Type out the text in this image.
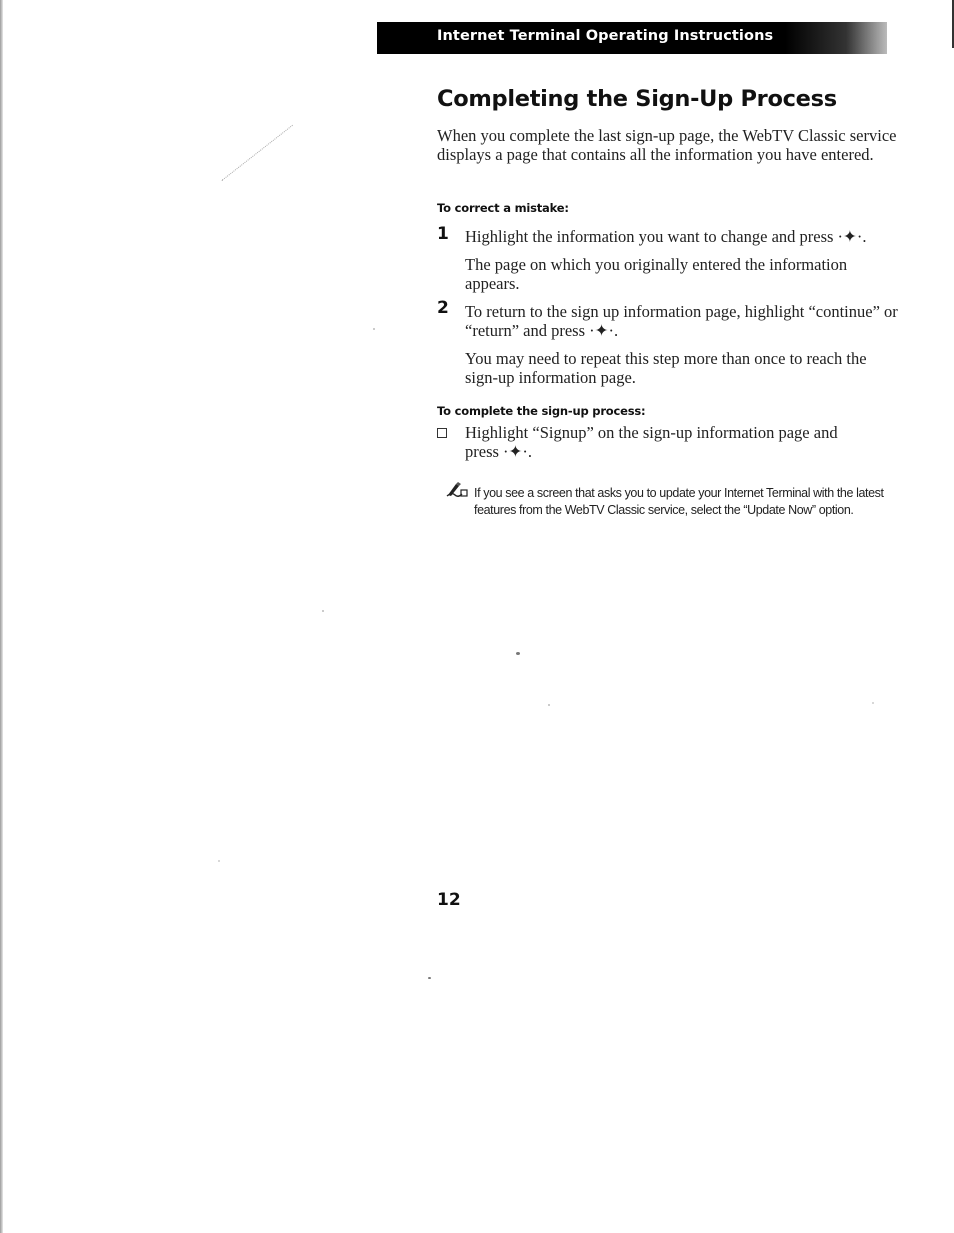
Internet Terminal Operating Instructions
Completing the Sign-Up Process

When you complete the last sign-up page, the WebTV Classic service displays a page that contains all the information you have entered.

To correct a mistake:
1 Highlight the information you want to change and press ·✦·.

The page on which you originally entered the information appears.

2 To return to the sign up information page, highlight “continue” or “return” and press ·✦·.

You may need to repeat this step more than once to reach the sign-up information page.

To complete the sign-up process:

Highlight “Signup” on the sign-up information page and press ·✦·.

If you see a screen that asks you to update your Internet Terminal with the latest features from the WebTV Classic service, select the “Update Now” option.

12
